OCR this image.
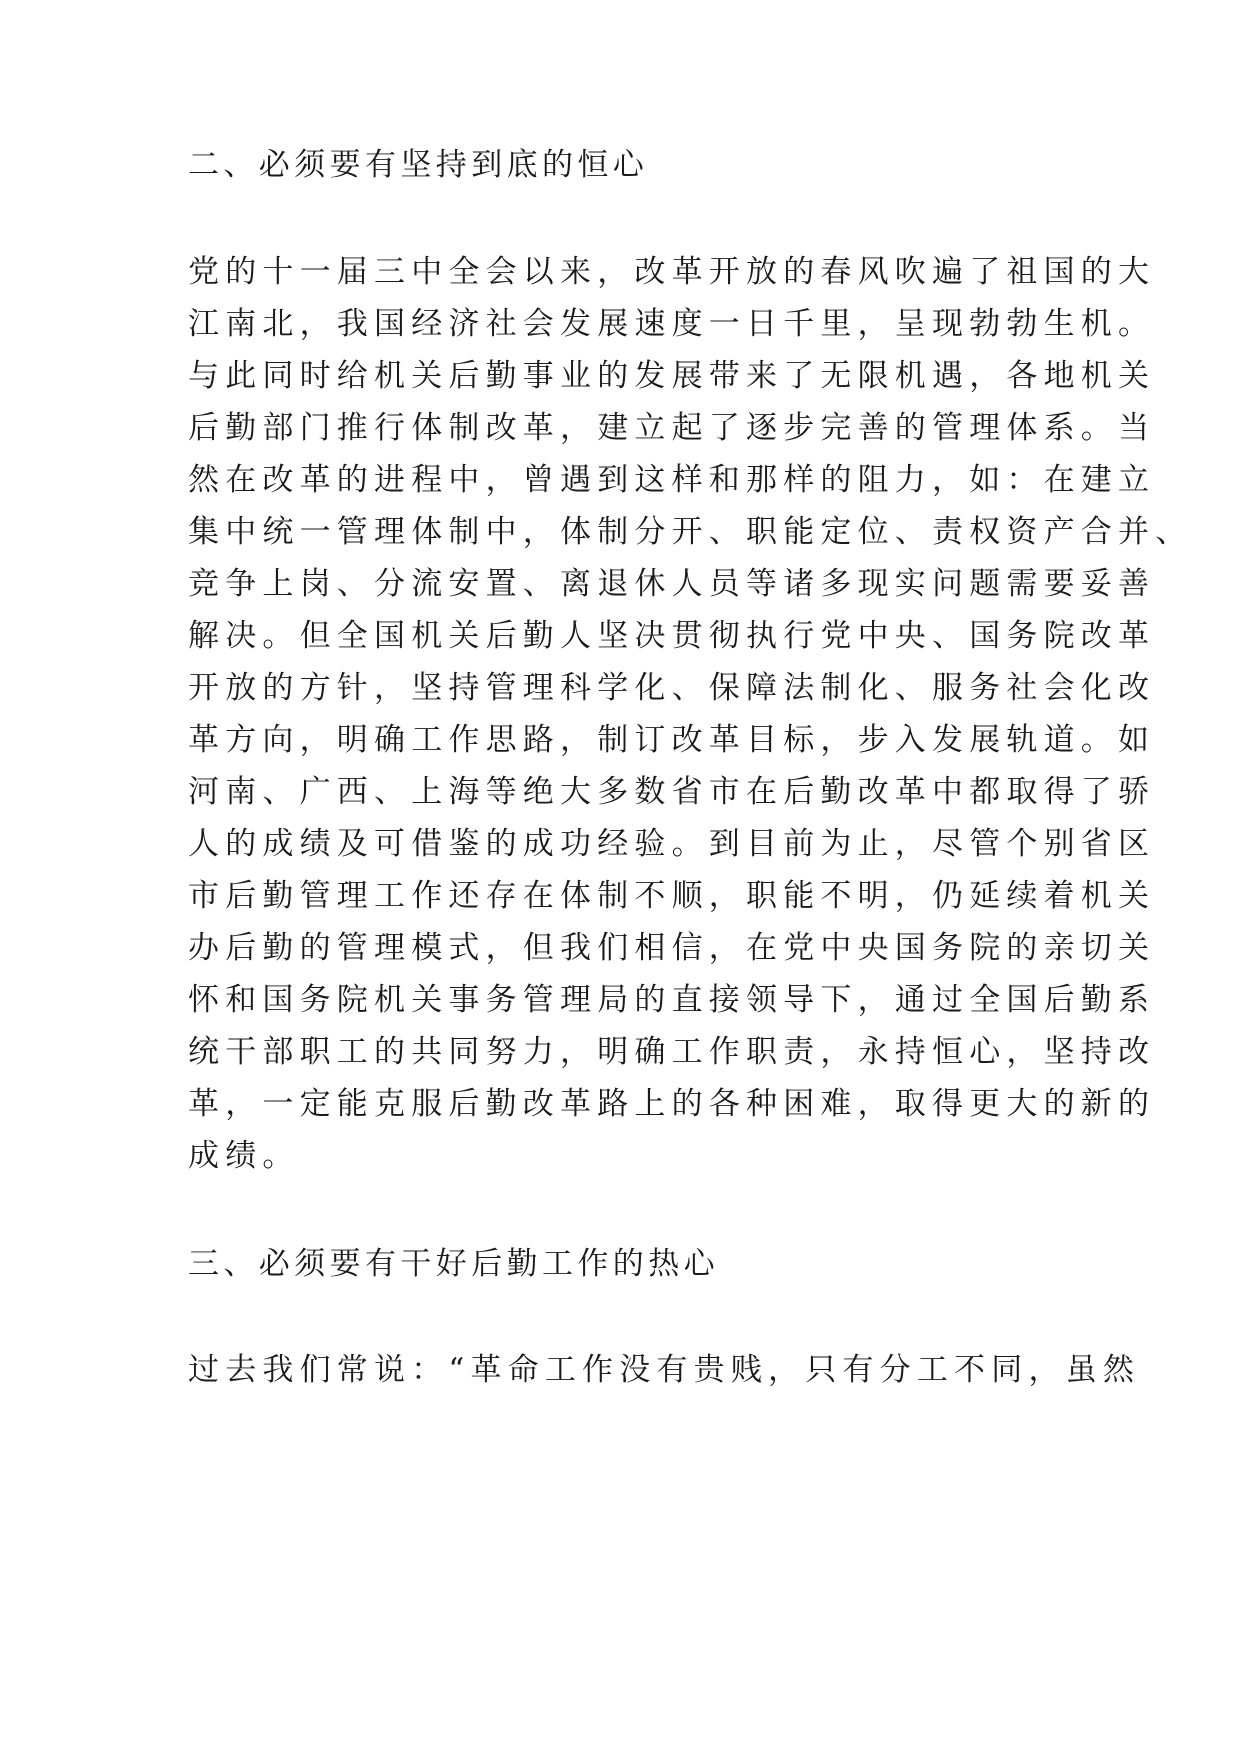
二、必须要有坚持到底的恒心

党的十一届三中全会以来，改革开放的春风吹遍了祖国的大

江南北，我国经济社会发展速度一日千里，呈现勃勃生机。

与此同时给机关后勤事业的发展带来了无限机遇，各地机关

后勤部门推行体制改革，建立起了逐步完善的管理体系。当

然在改革的进程中，曾遇到这样和那样的阻力，如：在建立

集中统一管理体制中，体制分开、职能定位、责权资产合并、

竞争上岗、分流安置、离退休人员等诸多现实问题需要妥善

解决。但全国机关后勤人坚决贯彻执行党中央、国务院改革

开放的方针，坚持管理科学化、保障法制化、服务社会化改

革方向，明确工作思路，制订改革目标，步入发展轨道。如

河南、广西、上海等绝大多数省市在后勤改革中都取得了骄

人的成绩及可借鉴的成功经验。到目前为止，尽管个别省区

市后勤管理工作还存在体制不顺，职能不明，仍延续着机关

办后勤的管理模式，但我们相信，在党中央国务院的亲切关

怀和国务院机关事务管理局的直接领导下，通过全国后勤系

统干部职工的共同努力，明确工作职责，永持恒心，坚持改

革，一定能克服后勤改革路上的各种困难，取得更大的新的

成绩。

三、必须要有干好后勤工作的热心

过去我们常说：“革命工作没有贵贱，只有分工不同，虽然
